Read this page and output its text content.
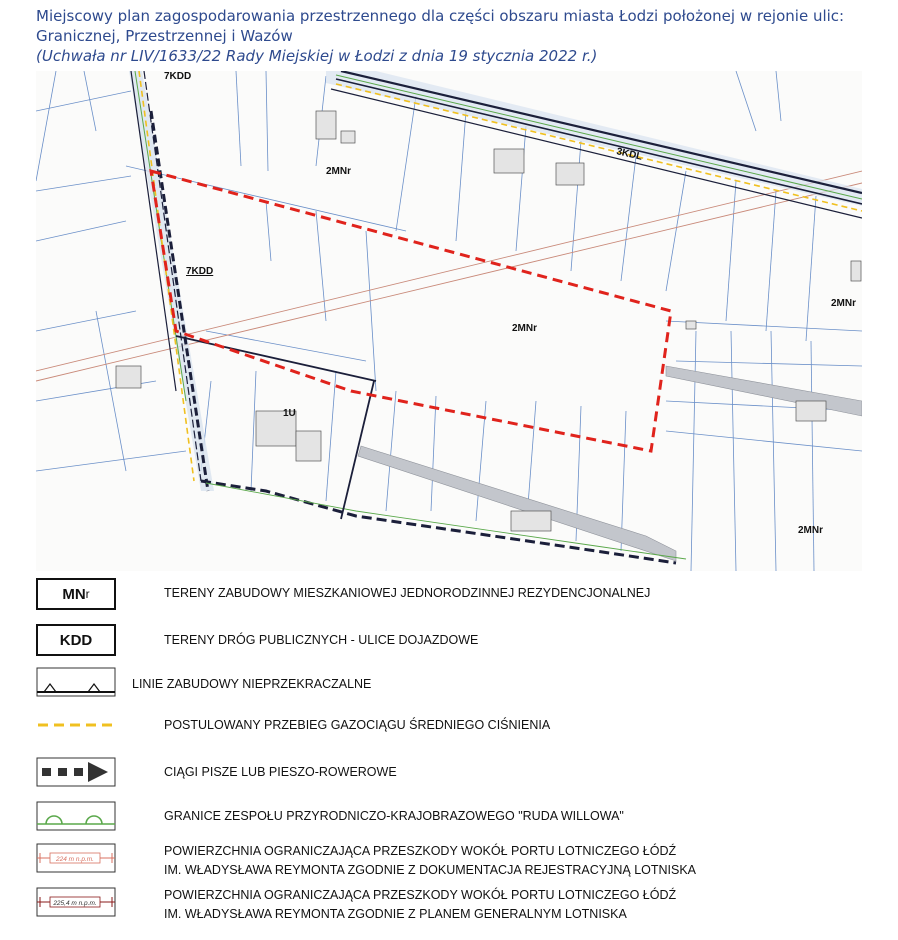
Miejscowy plan zagospodarowania przestrzennego dla części obszaru miasta Łodzi położonej w rejonie ulic:
Granicznej, Przestrzennej i Wazów
(Uchwała nr LIV/1633/22 Rady Miejskiej w Łodzi z dnia 19 stycznia 2022 r.)
2MNr
2MNr
2MNr
2MNr
7KDD
3KDL
1U
7KDD
MN r	TERENY ZABUDOWY MIESZKANIOWEJ JEDNORODZINNEJ REZYDENCJONALNEJ
KDD	TERENY DRÓG PUBLICZNYCH - ULICE DOJAZDOWE
LINIE ZABUDOWY NIEPRZEKRACZALNE
POSTULOWANY PRZEBIEG GAZOCIĄGU ŚREDNIEGO CIŚNIENIA
CIĄGI PISZE LUB PIESZO-ROWEROWE
GRANICE ZESPOŁU PRZYRODNICZO-KRAJOBRAZOWEGO "RUDA WILLOWA"
224 m n.p.m.
POWIERZCHNIA OGRANICZAJĄCA PRZESZKODY WOKÓŁ PORTU LOTNICZEGO ŁÓDŹ
IM. WŁADYSŁAWA REYMONTA ZGODNIE Z DOKUMENTACJA REJESTRACYJNĄ LOTNISKA
225,4 m n.p.m.
POWIERZCHNIA OGRANICZAJĄCA PRZESZKODY WOKÓŁ PORTU LOTNICZEGO ŁÓDŹ
IM. WŁADYSŁAWA REYMONTA ZGODNIE Z PLANEM GENERALNYM LOTNISKA
